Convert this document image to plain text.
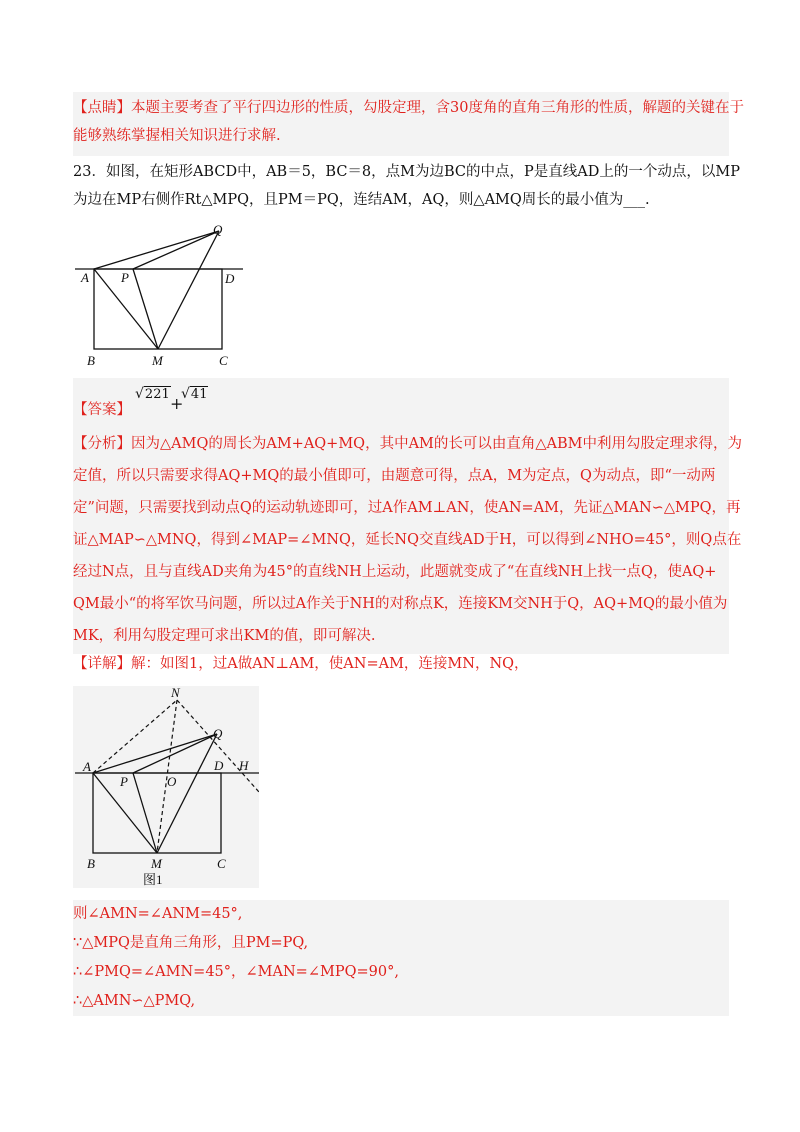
【点睛】本题主要考查了平行四边形的性质，勾股定理，含30度角的直角三角形的性质，解题的关键在于
能够熟练掌握相关知识进行求解.
23．如图，在矩形ABCD中，AB＝5，BC＝8，点M为边BC的中点，P是直线AD上的一个动点，以MP
为边在MP右侧作Rt△MPQ，且PM＝PQ，连结AM，AQ，则△AMQ周长的最小值为___.
Q
A P	D
B	M	C
【答案】
√221 +
√41
【分析】因为△AMQ的周长为AM+AQ+MQ，其中AM的长可以由直角△ABM中利用勾股定理求得，为
定值，所以只需要求得AQ+MQ的最小值即可，由题意可得，点A，M为定点，Q为动点，即“一动两
定”问题，只需要找到动点Q的运动轨迹即可，过A作AM⊥AN，使AN=AM，先证△MAN∽△MPQ，再
证△MAP∽△MNQ，得到∠MAP=∠MNQ，延长NQ交直线AD于H，可以得到∠NHO=45°，则Q点在
经过N点，且与直线AD夹角为45°的直线NH上运动，此题就变成了“在直线NH上找一点Q，使AQ+
QM最小“的将军饮马问题，所以过A作关于NH的对称点K，连接KM交NH于Q，AQ+MQ的最小值为
MK，利用勾股定理可求出KM的值，即可解决.
【详解】解：如图1，过A做AN⊥AM，使AN=AM，连接MN，NQ，
N
Q
A	D H
P	O
B	M	C
图1
则∠AMN=∠ANM=45°,
∵△MPQ是直角三角形，且PM=PQ,
∴∠PMQ=∠AMN=45°，∠MAN=∠MPQ=90°,
∴△AMN∽△PMQ,
